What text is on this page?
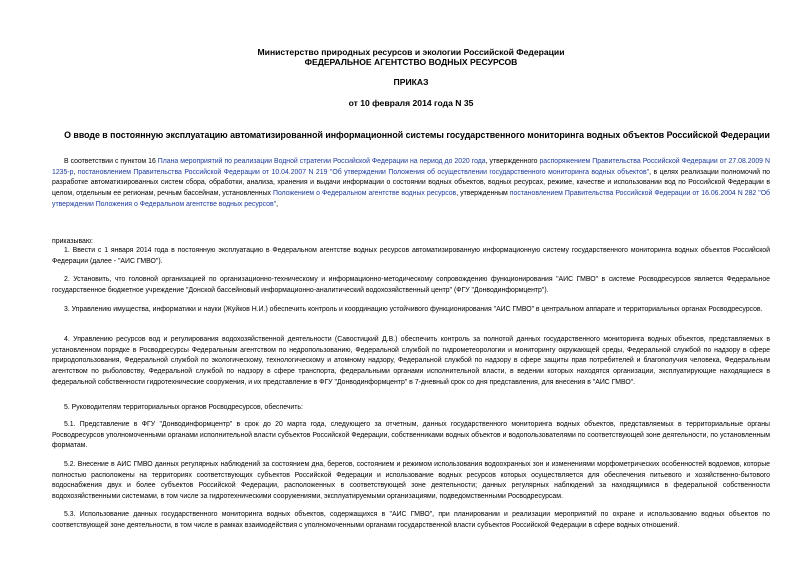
Министерство природных ресурсов и экологии Российской Федерации
ФЕДЕРАЛЬНОЕ АГЕНТСТВО ВОДНЫХ РЕСУРСОВ
ПРИКАЗ
от 10 февраля 2014 года N 35
О вводе в постоянную эксплуатацию автоматизированной информационной системы государственного мониторинга водных объектов Российской Федерации
В соответствии с пунктом 16 Плана мероприятий по реализации Водной стратегии Российской Федерации на период до 2020 года, утвержденного распоряжением Правительства Российской Федерации от 27.08.2009 N 1235-р, постановлением Правительства Российской Федерации от 10.04.2007 N 219 "Об утверждении Положения об осуществлении государственного мониторинга водных объектов", в целях реализации полномочий по разработке автоматизированных систем сбора, обработки, анализа, хранения и выдачи информации о состоянии водных объектов, водных ресурсах, режиме, качестве и использовании вод по Российской Федерации в целом, отдельным ее регионам, речным бассейнам, установленных Положением о Федеральном агентстве водных ресурсов, утвержденным постановлением Правительства Российской Федерации от 16.06.2004 N 282 "Об утверждении Положения о Федеральном агентстве водных ресурсов",
приказываю:
1. Ввести с 1 января 2014 года в постоянную эксплуатацию в Федеральном агентстве водных ресурсов автоматизированную информационную систему государственного мониторинга водных объектов Российской Федерации (далее - "АИС ГМВО").
2. Установить, что головной организацией по организационно-техническому и информационно-методическому сопровождению функционирования "АИС ГМВО" в системе Росводресурсов является Федеральное государственное бюджетное учреждение "Донской бассейновый информационно-аналитический водохозяйственный центр" (ФГУ "Донводинформцентр").
3. Управлению имущества, информатики и науки (Жуйков Н.И.) обеспечить контроль и координацию устойчивого функционирования "АИС ГМВО" в центральном аппарате и территориальных органах Росводресурсов.
4. Управлению ресурсов вод и регулирования водохозяйственной деятельности (Савостицкий Д.В.) обеспечить контроль за полнотой данных государственного мониторинга водных объектов, представляемых в установленном порядке в Росводресурсы Федеральным агентством по недропользованию, Федеральной службой по гидрометеорологии и мониторингу окружающей среды, Федеральной службой по надзору в сфере природопользования, Федеральной службой по экологическому, технологическому и атомному надзору, Федеральной службой по надзору в сфере защиты прав потребителей и благополучия человека, Федеральным агентством по рыболовству, Федеральной службой по надзору в сфере транспорта, федеральными органами исполнительной власти, в ведении которых находятся организации, эксплуатирующие находящиеся в федеральной собственности гидротехнические сооружения, и их представление в ФГУ "Донводинформцентр" в 7-дневный срок со дня представления, для внесения в "АИС ГМВО".
5. Руководителям территориальных органов Росводресурсов, обеспечить:
5.1. Представление в ФГУ "Донводинформцентр" в срок до 20 марта года, следующего за отчетным, данных государственного мониторинга водных объектов, представляемых в территориальные органы Росводресурсов уполномоченными органами исполнительной власти субъектов Российской Федерации, собственниками водных объектов и водопользователями по соответствующей зоне деятельности, по установленным форматам.
5.2. Внесение в АИС ГМВО данных регулярных наблюдений за состоянием дна, берегов, состоянием и режимом использования водоохранных зон и изменениями морфометрических особенностей водоемов, которые полностью расположены на территориях соответствующих субъектов Российской Федерации и использование водных ресурсов которых осуществляется для обеспечения питьевого и хозяйственно-бытового водоснабжения двух и более субъектов Российской Федерации, расположенных в соответствующей зоне деятельности; данных регулярных наблюдений за находящимися в федеральной собственности водохозяйственными системами, в том числе за гидротехническими сооружениями, эксплуатируемыми организациями, подведомственными Росводресурсам.
5.3. Использование данных государственного мониторинга водных объектов, содержащихся в "АИС ГМВО", при планировании и реализации мероприятий по охране и использованию водных объектов по соответствующей зоне деятельности, в том числе в рамках взаимодействия с уполномоченными органами государственной власти субъектов Российской Федерации в сфере водных отношений.
